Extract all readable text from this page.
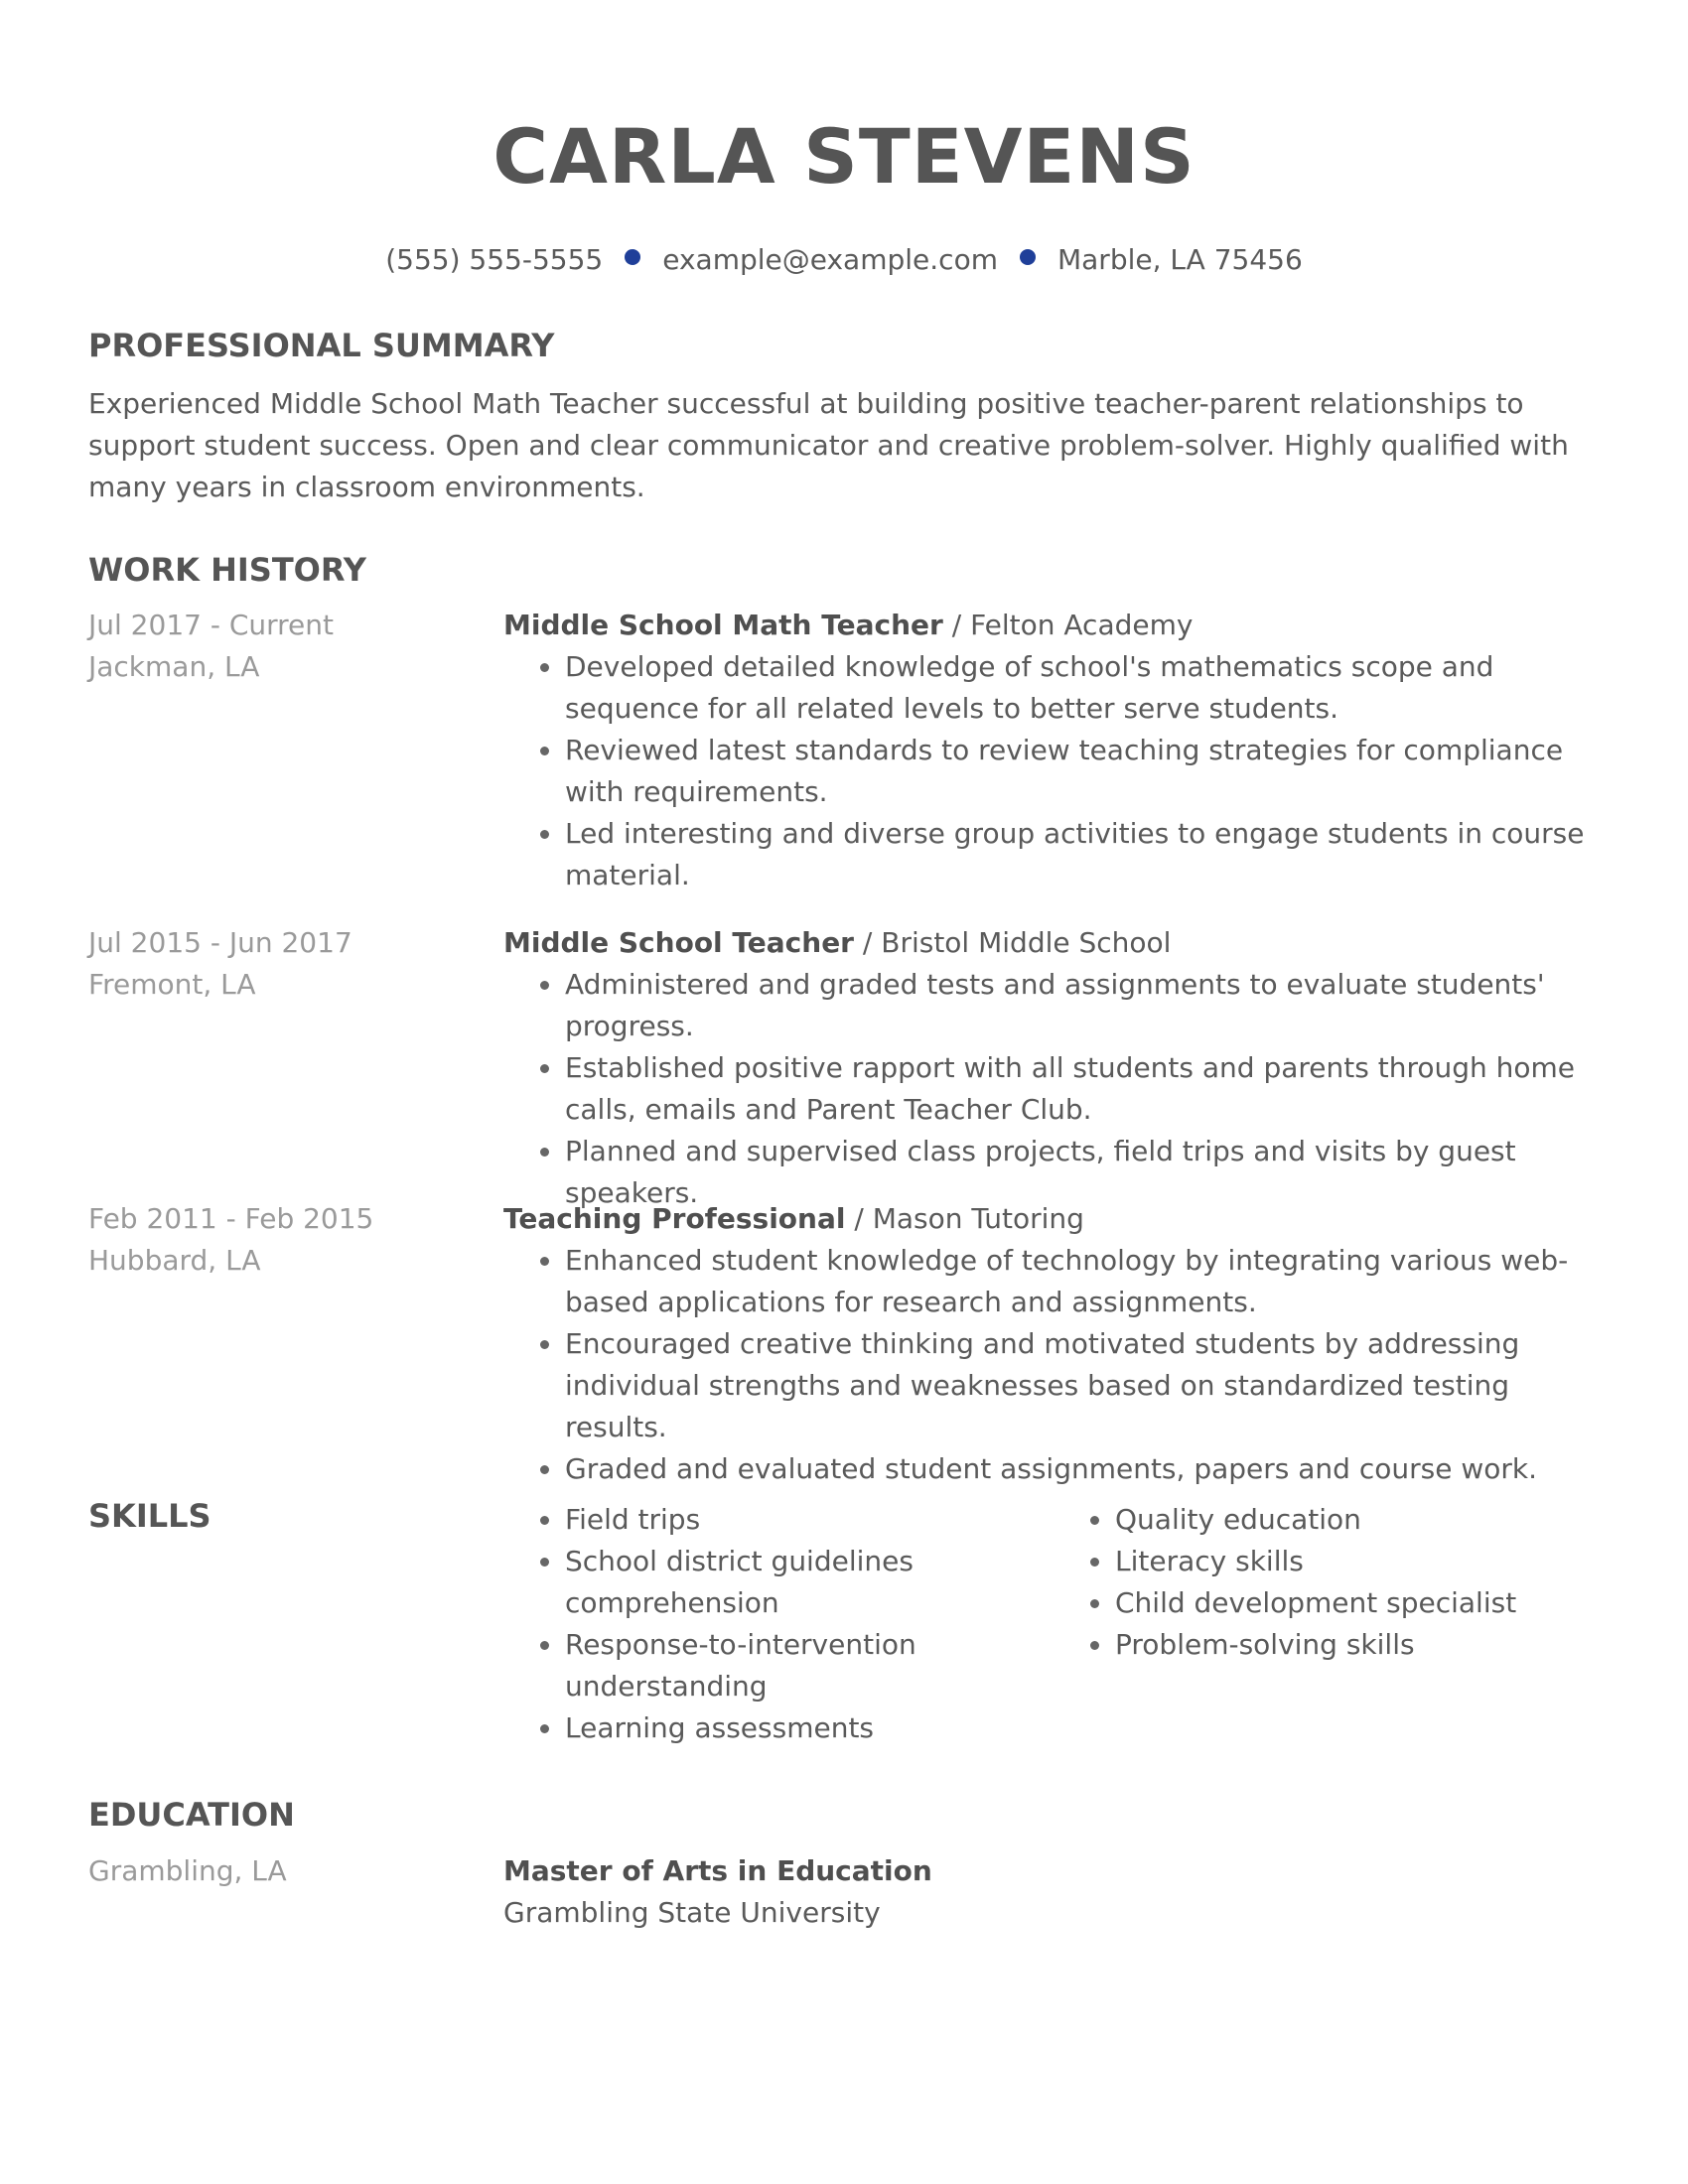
CARLA STEVENS
(555) 555-5555 example@example.com Marble, LA 75456
PROFESSIONAL SUMMARY

Experienced Middle School Math Teacher successful at building positive teacher-parent relationships to support student success. Open and clear communicator and creative problem-solver. Highly qualified with many years in classroom environments.

WORK HISTORY
Jul 2017 - Current
Jackman, LA
Middle School Math Teacher / Felton Academy
Developed detailed knowledge of school's mathematics scope and sequence for all related levels to better serve students.
Reviewed latest standards to review teaching strategies for compliance with requirements.
Led interesting and diverse group activities to engage students in course material.
Jul 2015 - Jun 2017
Fremont, LA
Middle School Teacher / Bristol Middle School
Administered and graded tests and assignments to evaluate students' progress.
Established positive rapport with all students and parents through home calls, emails and Parent Teacher Club.
Planned and supervised class projects, field trips and visits by guest speakers.
Feb 2011 - Feb 2015
Hubbard, LA
Teaching Professional / Mason Tutoring
Enhanced student knowledge of technology by integrating various web-based applications for research and assignments.
Encouraged creative thinking and motivated students by addressing individual strengths and weaknesses based on standardized testing results.
Graded and evaluated student assignments, papers and course work.
SKILLS	Field trips
School district guidelines comprehension
Response-to-intervention understanding
Learning assessments
Quality education
Literacy skills
Child development specialist
Problem-solving skills
EDUCATION
Grambling, LA	Master of Arts in Education
Grambling State University
